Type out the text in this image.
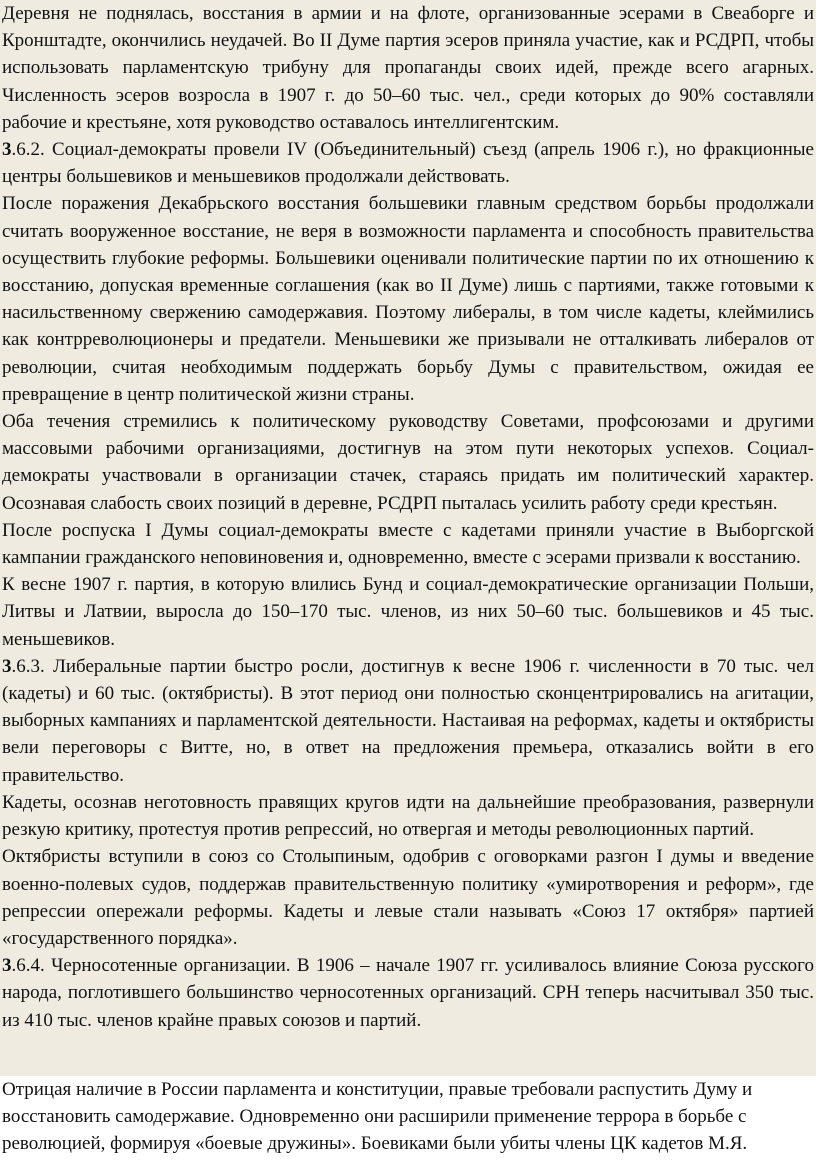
Деревня не поднялась, восстания в армии и на флоте, организованные эсерами в Свеаборге и Кронштадте, окончились неудачей. Во II Думе партия эсеров приняла участие, как и РСДРП, чтобы использовать парламентскую трибуну для пропаганды своих идей, прежде всего агарных. Численность эсеров возросла в 1907 г. до 50–60 тыс. чел., среди которых до 90% составляли рабочие и крестьяне, хотя руководство оставалось интеллигентским.

3.6.2. Социал-демократы провели IV (Объединительный) съезд (апрель 1906 г.), но фракционные центры большевиков и меньшевиков продолжали действовать.

После поражения Декабрьского восстания большевики главным средством борьбы продолжали считать вооруженное восстание, не веря в возможности парламента и способность правительства осуществить глубокие реформы. Большевики оценивали политические партии по их отношению к восстанию, допуская временные соглашения (как во II Думе) лишь с партиями, также готовыми к насильственному свержению самодержавия. Поэтому либералы, в том числе кадеты, клеймились как контрреволюционеры и предатели. Меньшевики же призывали не отталкивать либералов от революции, считая необходимым поддержать борьбу Думы с правительством, ожидая ее превращение в центр политической жизни страны.

Оба течения стремились к политическому руководству Советами, профсоюзами и другими массовыми рабочими организациями, достигнув на этом пути некоторых успехов. Социал-демократы участвовали в организации стачек, стараясь придать им политический характер. Осознавая слабость своих позиций в деревне, РСДРП пыталась усилить работу среди крестьян.

После роспуска I Думы социал-демократы вместе с кадетами приняли участие в Выборгской кампании гражданского неповиновения и, одновременно, вместе с эсерами призвали к восстанию.

К весне 1907 г. партия, в которую влились Бунд и социал-демократические организации Польши, Литвы и Латвии, выросла до 150–170 тыс. членов, из них 50–60 тыс. большевиков и 45 тыс. меньшевиков.

3.6.3. Либеральные партии быстро росли, достигнув к весне 1906 г. численности в 70 тыс. чел (кадеты) и 60 тыс. (октябристы). В этот период они полностью сконцентрировались на агитации, выборных кампаниях и парламентской деятельности. Настаивая на реформах, кадеты и октябристы вели переговоры с Витте, но, в ответ на предложения премьера, отказались войти в его правительство.

Кадеты, осознав неготовность правящих кругов идти на дальнейшие преобразования, развернули резкую критику, протестуя против репрессий, но отвергая и методы революционных партий.

Октябристы вступили в союз со Столыпиным, одобрив с оговорками разгон I думы и введение военно-полевых судов, поддержав правительственную политику «умиротворения и реформ», где репрессии опережали реформы. Кадеты и левые стали называть «Союз 17 октября» партией «государственного порядка».

3.6.4. Черносотенные организации. В 1906 – начале 1907 гг. усиливалось влияние Союза русского народа, поглотившего большинство черносотенных организаций. СРН теперь насчитывал 350 тыс. из 410 тыс. членов крайне правых союзов и партий.

Отрицая наличие в России парламента и конституции, правые требовали распустить Думу и
восстановить самодержавие. Одновременно они расширили применение террора в борьбе с
революцией, формируя «боевые дружины». Боевиками были убиты члены ЦК кадетов М.Я.
